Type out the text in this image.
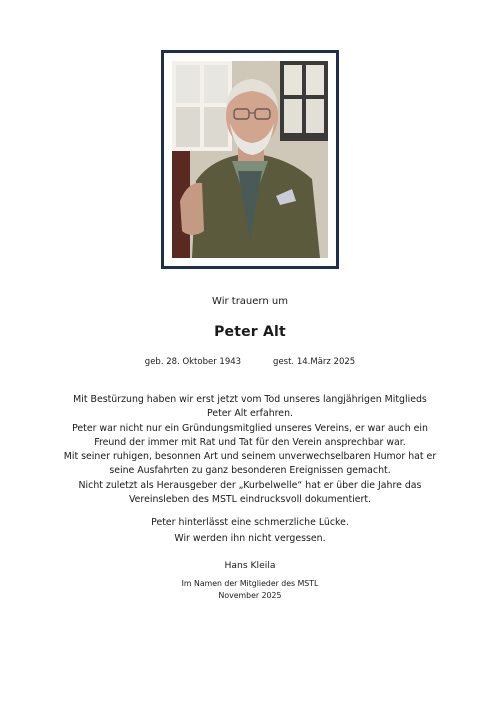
Wir trauern um
Peter Alt
geb. 28. Oktober 1943	gest. 14.März 2025

Mit Bestürzung haben wir erst jetzt vom Tod unseres langjährigen Mitglieds

Peter Alt erfahren.

Peter war nicht nur ein Gründungsmitglied unseres Vereins, er war auch ein

Freund der immer mit Rat und Tat für den Verein ansprechbar war.

Mit seiner ruhigen, besonnen Art und seinem unverwechselbaren Humor hat er

seine Ausfahrten zu ganz besonderen Ereignissen gemacht.

Nicht zuletzt als Herausgeber der „Kurbelwelle“ hat er über die Jahre das

Vereinsleben des MSTL eindrucksvoll dokumentiert.

Peter hinterlässt eine schmerzliche Lücke.

Wir werden ihn nicht vergessen.

Hans Kleila

Im Namen der Mitglieder des MSTL

November 2025
